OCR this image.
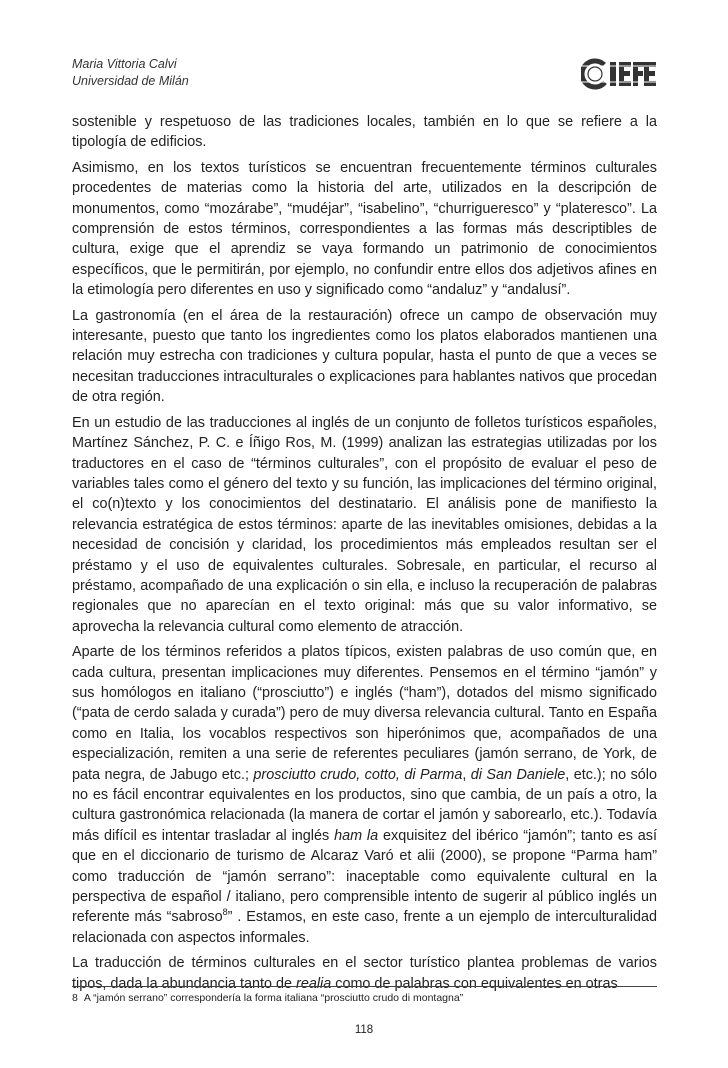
Maria Vittoria Calvi
Universidad de Milán

sostenible y respetuoso de las tradiciones locales, también en lo que se refiere a la tipología de edificios.

Asimismo, en los textos turísticos se encuentran frecuentemente términos culturales procedentes de materias como la historia del arte, utilizados en la descripción de monumentos, como “mozárabe”, “mudéjar”, “isabelino”, “churrigueresco” y “plateresco”. La comprensión de estos términos, correspondientes a las formas más descriptibles de cultura, exige que el aprendiz se vaya formando un patrimonio de conocimientos específicos, que le permitirán, por ejemplo, no confundir entre ellos dos adjetivos afines en la etimología pero diferentes en uso y significado como “andaluz” y “andalusí”.

La gastronomía (en el área de la restauración) ofrece un campo de observación muy interesante, puesto que tanto los ingredientes como los platos elaborados mantienen una relación muy estrecha con tradiciones y cultura popular, hasta el punto de que a veces se necesitan traducciones intraculturales o explicaciones para hablantes nativos que procedan de otra región.

En un estudio de las traducciones al inglés de un conjunto de folletos turísticos españoles, Martínez Sánchez, P. C. e Íñigo Ros, M. (1999) analizan las estrategias utilizadas por los traductores en el caso de “términos culturales”, con el propósito de evaluar el peso de variables tales como el género del texto y su función, las implicaciones del término original, el co(n)texto y los conocimientos del destinatario. El análisis pone de manifiesto la relevancia estratégica de estos términos: aparte de las inevitables omisiones, debidas a la necesidad de concisión y claridad, los procedimientos más empleados resultan ser el préstamo y el uso de equivalentes culturales. Sobresale, en particular, el recurso al préstamo, acompañado de una explicación o sin ella, e incluso la recuperación de palabras regionales que no aparecían en el texto original: más que su valor informativo, se aprovecha la relevancia cultural como elemento de atracción.

Aparte de los términos referidos a platos típicos, existen palabras de uso común que, en cada cultura, presentan implicaciones muy diferentes. Pensemos en el término “jamón” y sus homólogos en italiano (“prosciutto”) e inglés (“ham”), dotados del mismo significado (“pata de cerdo salada y curada”) pero de muy diversa relevancia cultural. Tanto en España como en Italia, los vocablos respectivos son hiperónimos que, acompañados de una especialización, remiten a una serie de referentes peculiares (jamón serrano, de York, de pata negra, de Jabugo etc.; prosciutto crudo, cotto, di Parma, di San Daniele, etc.); no sólo no es fácil encontrar equivalentes en los productos, sino que cambia, de un país a otro, la cultura gastronómica relacionada (la manera de cortar el jamón y saborearlo, etc.). Todavía más difícil es intentar trasladar al inglés ham la exquisitez del ibérico “jamón”; tanto es así que en el diccionario de turismo de Alcaraz Varó et alii (2000), se propone “Parma ham” como traducción de “jamón serrano”: inaceptable como equivalente cultural en la perspectiva de español / italiano, pero comprensible intento de sugerir al público inglés un referente más “sabroso$^8$” . Estamos, en este caso, frente a un ejemplo de interculturalidad relacionada con aspectos informales.

La traducción de términos culturales en el sector turístico plantea problemas de varios tipos, dada la abundancia tanto de realia como de palabras con equivalentes en otras

8 A “jamón serrano” correspondería la forma italiana “prosciutto crudo di montagna”
118
